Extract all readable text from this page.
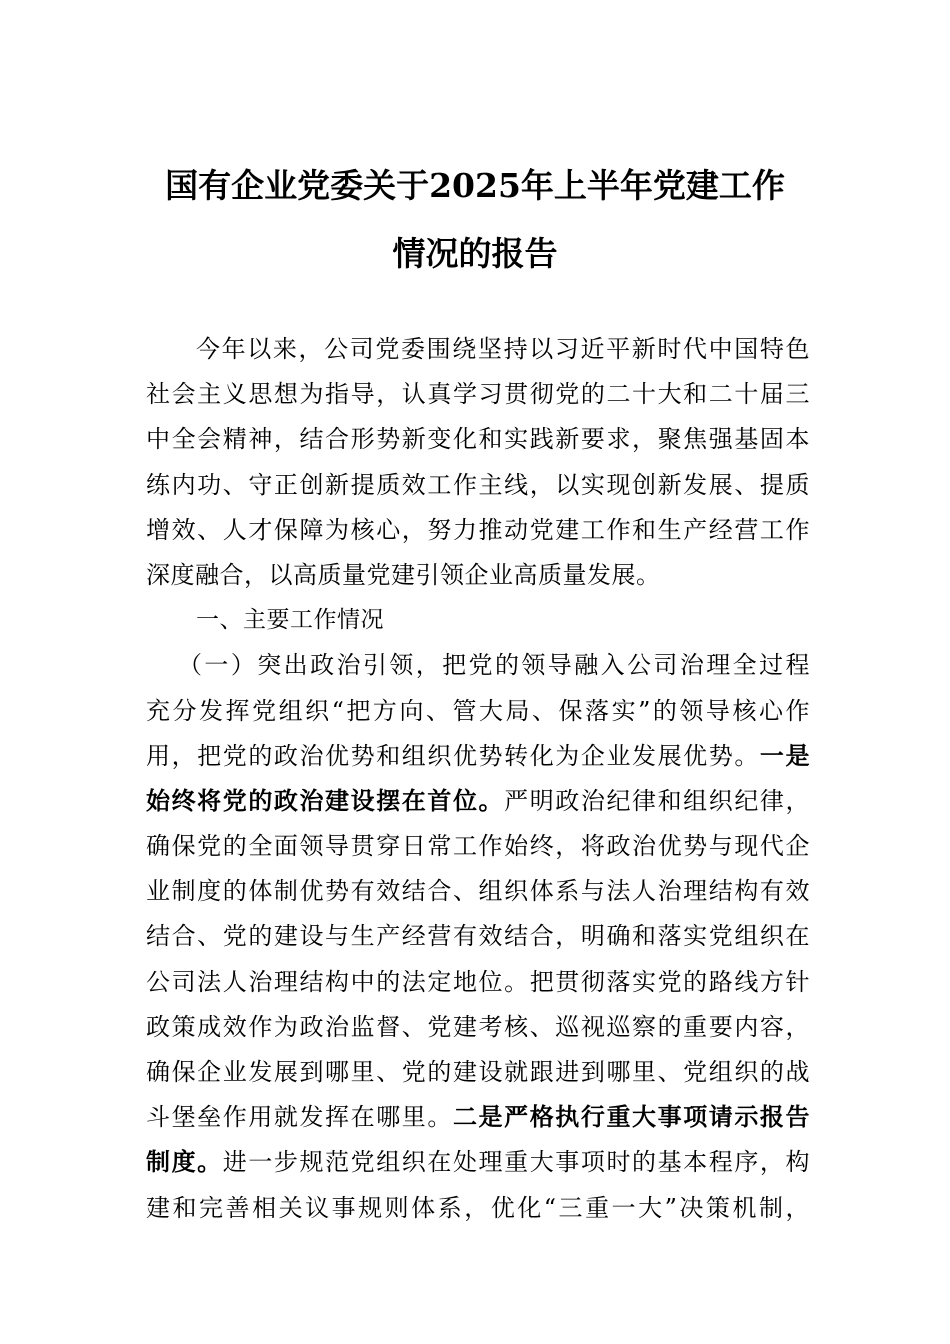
国有企业党委关于2025年上半年党建工作
情况的报告
今年以来，公司党委围绕坚持以习近平新时代中国特色
社会主义思想为指导，认真学习贯彻党的二十大和二十届三
中全会精神，结合形势新变化和实践新要求，聚焦强基固本
练内功、守正创新提质效工作主线，以实现创新发展、提质
增效、人才保障为核心，努力推动党建工作和生产经营工作
深度融合，以高质量党建引领企业高质量发展。
一、主要工作情况
（一）突出政治引领，把党的领导融入公司治理全过程
充分发挥党组织“把方向、管大局、保落实”的领导核心作
用，把党的政治优势和组织优势转化为企业发展优势。一是
始终将党的政治建设摆在首位。严明政治纪律和组织纪律，
确保党的全面领导贯穿日常工作始终，将政治优势与现代企
业制度的体制优势有效结合、组织体系与法人治理结构有效
结合、党的建设与生产经营有效结合，明确和落实党组织在
公司法人治理结构中的法定地位。把贯彻落实党的路线方针
政策成效作为政治监督、党建考核、巡视巡察的重要内容，
确保企业发展到哪里、党的建设就跟进到哪里、党组织的战
斗堡垒作用就发挥在哪里。二是严格执行重大事项请示报告
制度。进一步规范党组织在处理重大事项时的基本程序，构
建和完善相关议事规则体系，优化“三重一大”决策机制，
